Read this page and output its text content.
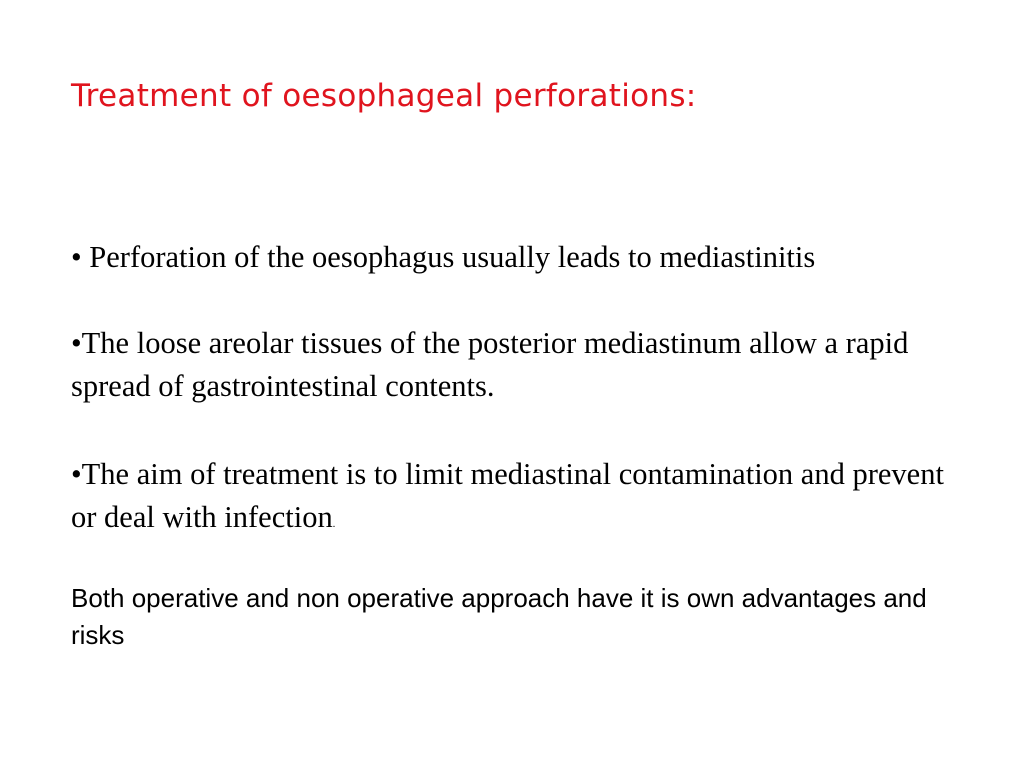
Treatment of oesophageal perforations:

• Perforation of the oesophagus usually leads to mediastinitis

•The loose areolar tissues of the posterior mediastinum allow a rapid spread of gastrointestinal contents.

•The aim of treatment is to limit mediastinal contamination and prevent or deal with infection.

Both operative and non operative approach have it is own advantages and risks
